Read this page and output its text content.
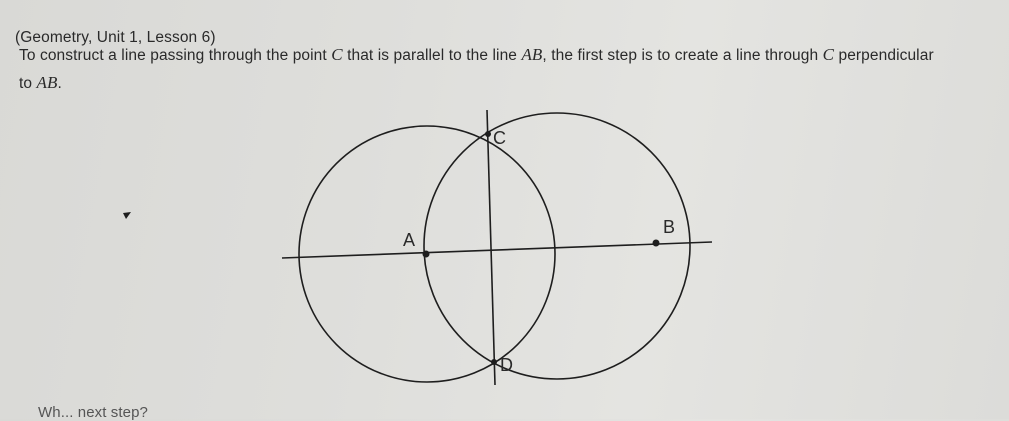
(Geometry, Unit 1, Lesson 6)
To construct a line passing through the point C that is parallel to the line AB, the first step is to create a line through C perpendicular
to AB.
A
B
C
D
Wh... next step?
